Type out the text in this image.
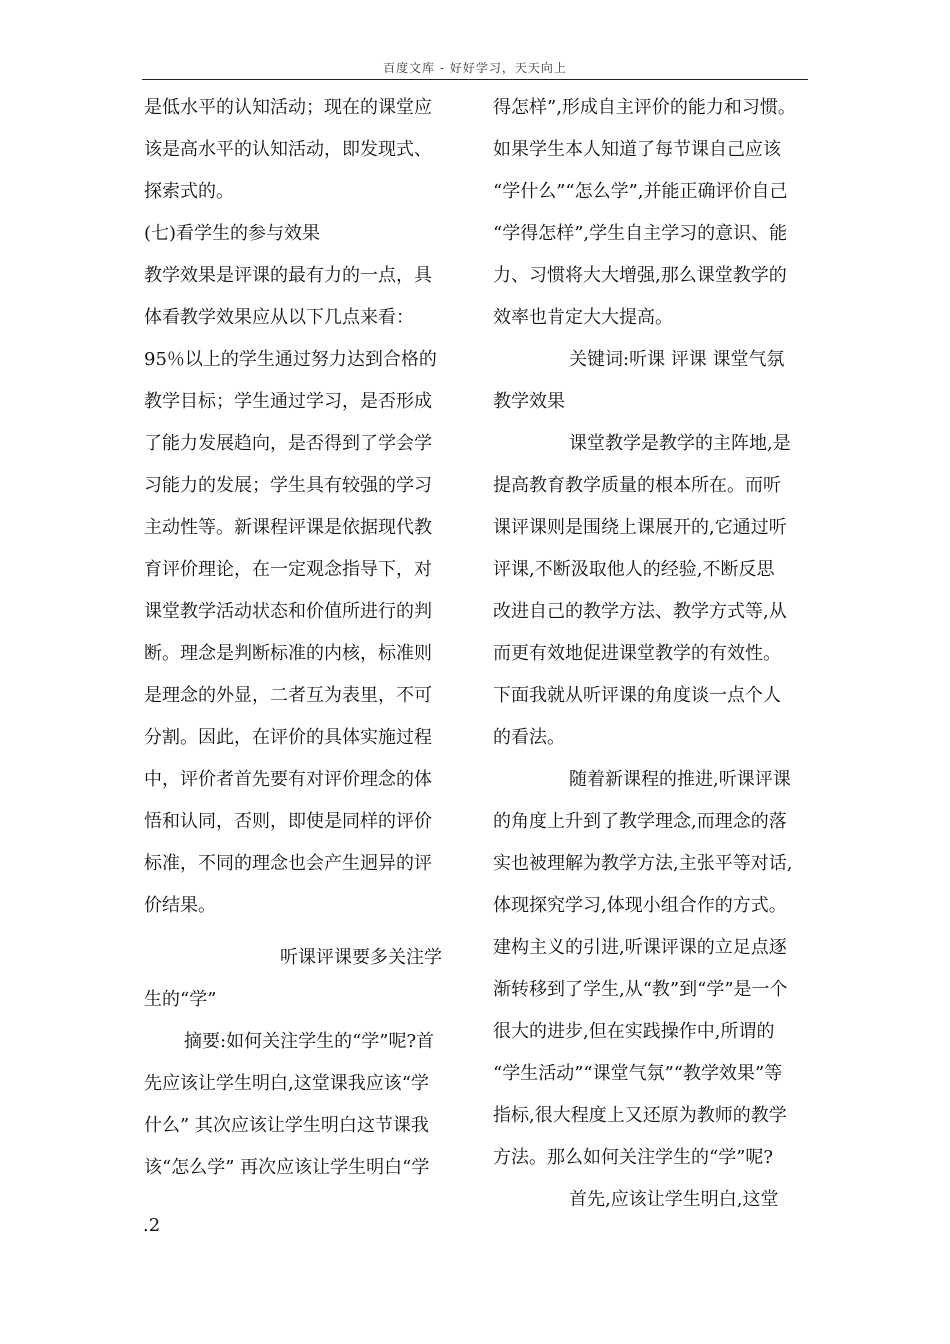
百度文库 - 好好学习，天天向上
是低水平的认知活动；现在的课堂应
该是高水平的认知活动，即发现式、
探索式的。
(七)看学生的参与效果
教学效果是评课的最有力的一点，具
体看教学效果应从以下几点来看：
95％以上的学生通过努力达到合格的
教学目标；学生通过学习，是否形成
了能力发展趋向，是否得到了学会学
习能力的发展；学生具有较强的学习
主动性等。新课程评课是依据现代教
育评价理论，在一定观念指导下，对
课堂教学活动状态和价值所进行的判
断。理念是判断标准的内核，标准则
是理念的外显，二者互为表里，不可
分割。因此，在评价的具体实施过程
中，评价者首先要有对评价理念的体
悟和认同，否则，即使是同样的评价
标准，不同的理念也会产生迥异的评
价结果。
听课评课要多关注学
生的“学”
摘要:如何关注学生的“学”呢?首
先应该让学生明白,这堂课我应该“学
什么” 其次应该让学生明白这节课我
该“怎么学” 再次应该让学生明白“学
得怎样”,形成自主评价的能力和习惯。
如果学生本人知道了每节课自己应该
“学什么”“怎么学”,并能正确评价自己
“学得怎样”,学生自主学习的意识、能
力、习惯将大大增强,那么课堂教学的
效率也肯定大大提高。
关键词:听课 评课 课堂气氛
教学效果
课堂教学是教学的主阵地,是
提高教育教学质量的根本所在。而听
课评课则是围绕上课展开的,它通过听
评课,不断汲取他人的经验,不断反思
改进自己的教学方法、教学方式等,从
而更有效地促进课堂教学的有效性。
下面我就从听评课的角度谈一点个人
的看法。
随着新课程的推进,听课评课
的角度上升到了教学理念,而理念的落
实也被理解为教学方法,主张平等对话,
体现探究学习,体现小组合作的方式。
建构主义的引进,听课评课的立足点逐
渐转移到了学生,从“教”到“学”是一个
很大的进步,但在实践操作中,所谓的
“学生活动”“课堂气氛”“教学效果”等
指标,很大程度上又还原为教师的教学
方法。那么如何关注学生的“学”呢?
首先,应该让学生明白,这堂
.2
